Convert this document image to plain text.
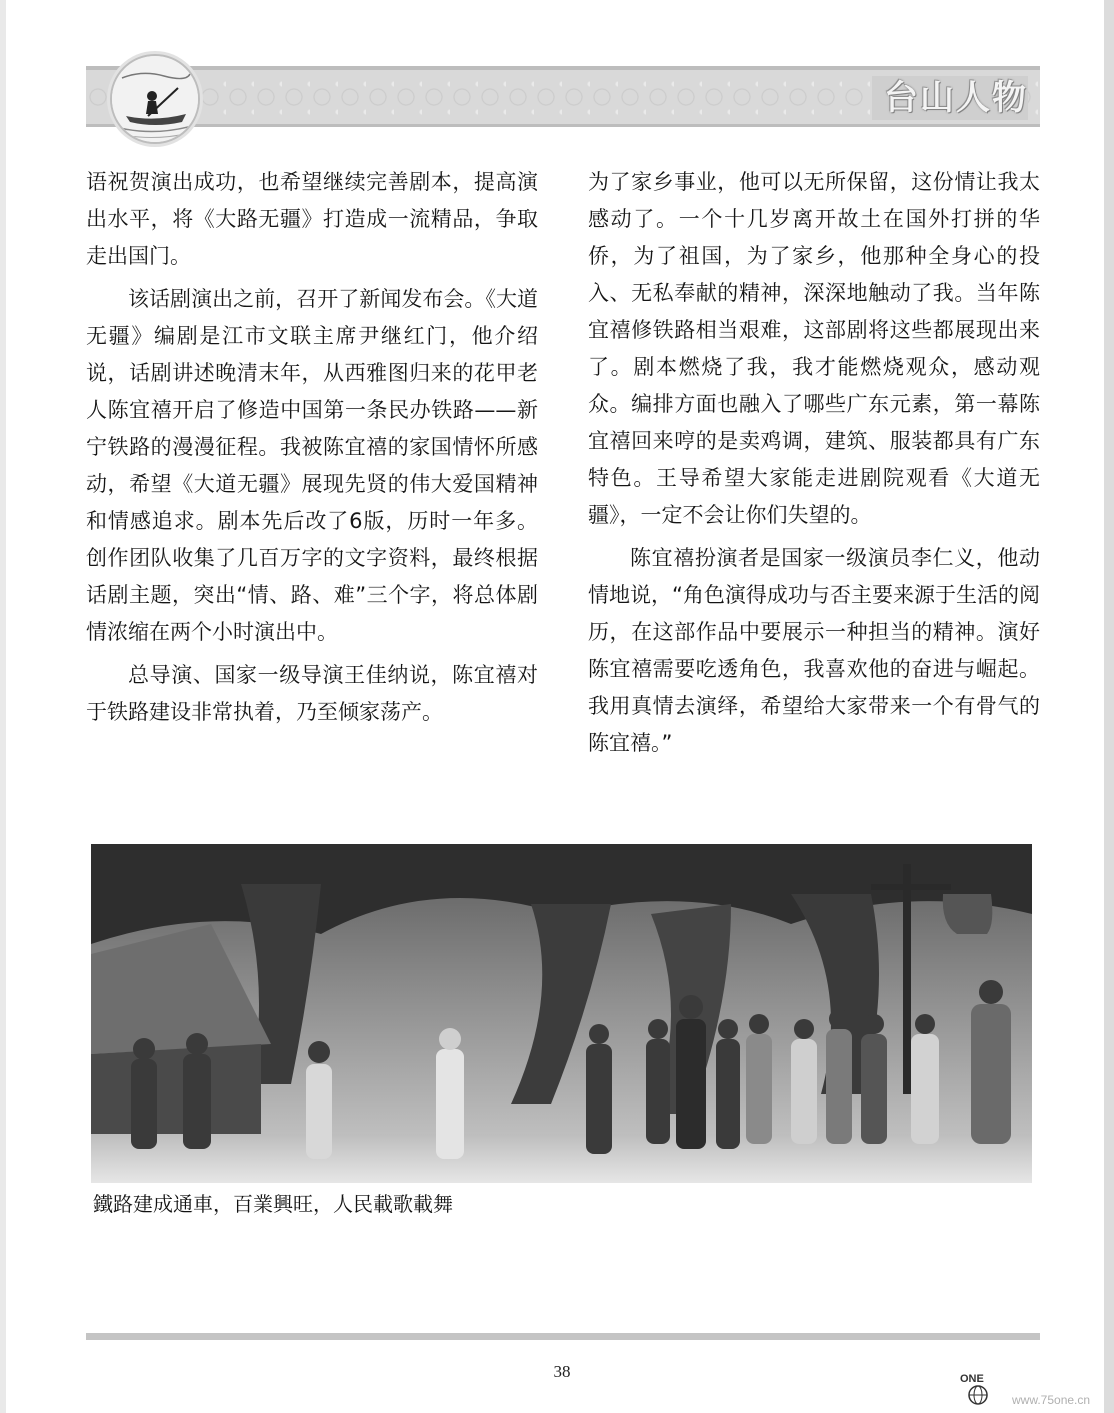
台山人物

语祝贺演出成功，也希望继续完善剧本，提高演出水平，将《大路无疆》打造成一流精品，争取走出国门。

该话剧演出之前，召开了新闻发布会。《大道无疆》编剧是江市文联主席尹继红门，他介绍说，话剧讲述晚清末年，从西雅图归来的花甲老人陈宜禧开启了修造中国第一条民办铁路——新宁铁路的漫漫征程。我被陈宜禧的家国情怀所感动，希望《大道无疆》展现先贤的伟大爱国精神和情感追求。剧本先后改了6版，历时一年多。创作团队收集了几百万字的文字资料，最终根据话剧主题，突出“情、路、难”三个字，将总体剧情浓缩在两个小时演出中。

总导演、国家一级导演王佳纳说，陈宜禧对于铁路建设非常执着，乃至倾家荡产。

为了家乡事业，他可以无所保留，这份情让我太感动了。一个十几岁离开故土在国外打拼的华侨，为了祖国，为了家乡，他那种全身心的投入、无私奉献的精神，深深地触动了我。当年陈宜禧修铁路相当艰难，这部剧将这些都展现出来了。剧本燃烧了我，我才能燃烧观众，感动观众。编排方面也融入了哪些广东元素，第一幕陈宜禧回来哼的是卖鸡调，建筑、服装都具有广东特色。王导希望大家能走进剧院观看《大道无疆》，一定不会让你们失望的。

陈宜禧扮演者是国家一级演员李仁义，他动情地说，“角色演得成功与否主要来源于生活的阅历，在这部作品中要展示一种担当的精神。演好陈宜禧需要吃透角色，我喜欢他的奋进与崛起。我用真情去演绎，希望给大家带来一个有骨气的陈宜禧。”

鐵路建成通車，百業興旺，人民載歌載舞
38	ONE
www.75one.cn
